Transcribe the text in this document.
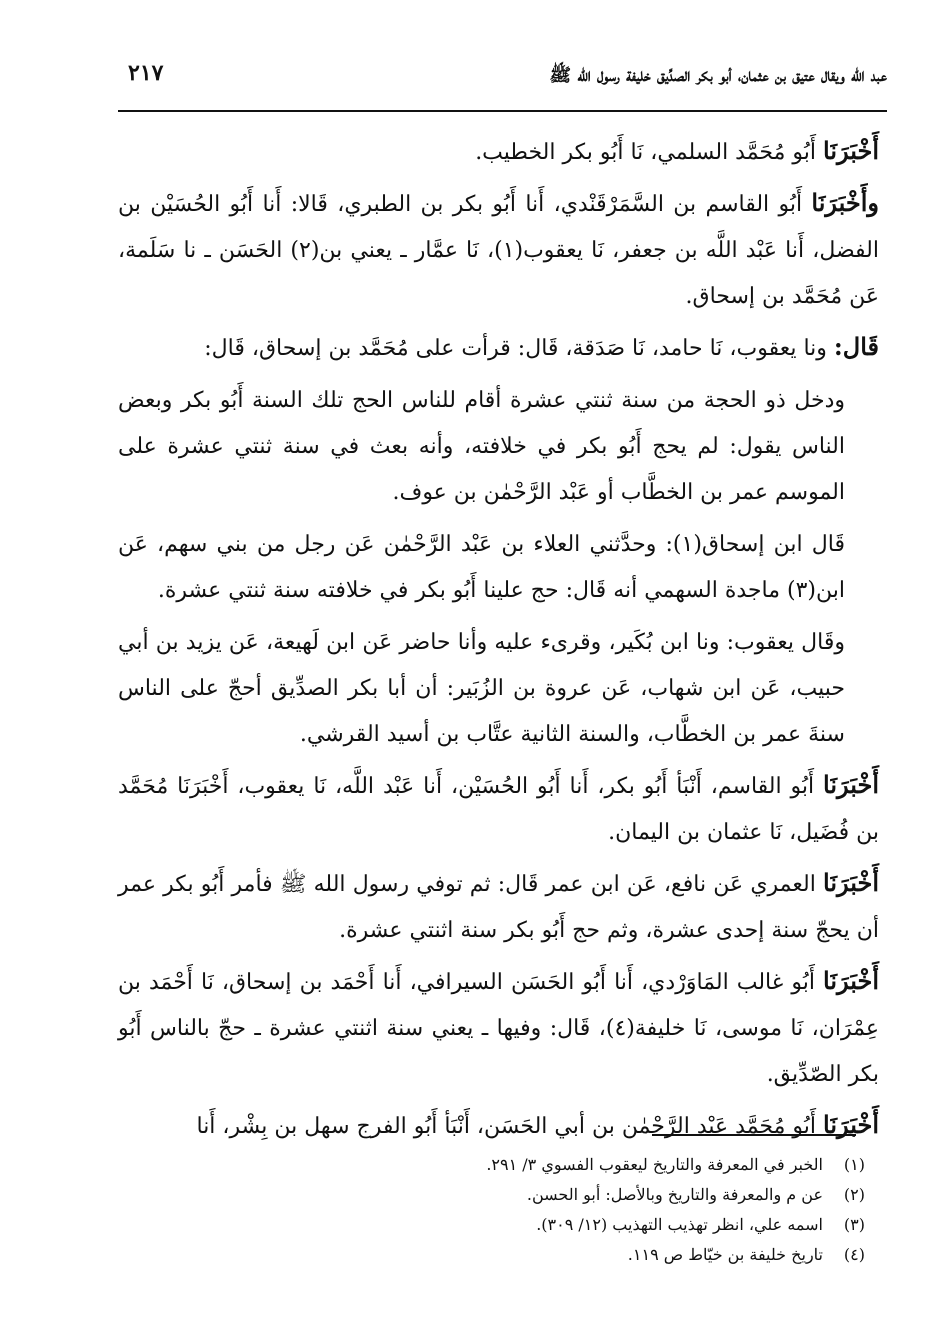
عبد الله ويقال عتيق بن عثمان، أبو بكر الصدِّيق خليفة رسول الله ﷺ
٢١٧

أَخْبَرَنَا أَبُو مُحَمَّد السلمي، نَا أَبُو بكر الخطيب.

وأَخْبَرَنَا أَبُو القاسم بن السَّمَرْقَنْدي، أَنا أَبُو بكر بن الطبري، قَالا: أَنا أَبُو الحُسَيْن بن الفضل، أَنا عَبْد اللَّه بن جعفر، نَا يعقوب(١)، نَا عمَّار ـ يعني بن(٢) الحَسَن ـ نا سَلَمة، عَن مُحَمَّد بن إسحاق.

قَال: ونا يعقوب، نَا حامد، نَا صَدَقة، قَال: قرأت على مُحَمَّد بن إسحاق، قَال:

ودخل ذو الحجة من سنة ثنتي عشرة أقام للناس الحج تلك السنة أَبُو بكر وبعض الناس يقول: لم يحج أَبُو بكر في خلافته، وأنه بعث في سنة ثنتي عشرة على الموسم عمر بن الخطَّاب أو عَبْد الرَّحْمٰن بن عوف.

قَال ابن إسحاق(١): وحدَّثني العلاء بن عَبْد الرَّحْمٰن عَن رجل من بني سهم، عَن ابن(٣) ماجدة السهمي أنه قَال: حج علينا أَبُو بكر في خلافته سنة ثنتي عشرة.

وقَال يعقوب: ونا ابن بُكَير، وقرىء عليه وأنا حاضر عَن ابن لَهيعة، عَن يزيد بن أبي حبيب، عَن ابن شهاب، عَن عروة بن الزُبَير: أن أبا بكر الصدِّيق أحجّ على الناس سنةَ عمر بن الخطَّاب، والسنة الثانية عتَّاب بن أسيد القرشي.

أَخْبَرَنَا أَبُو القاسم، أَنْبَأ أَبُو بكر، أَنا أَبُو الحُسَيْن، أَنا عَبْد اللَّه، نَا يعقوب، أَخْبَرَنَا مُحَمَّد بن فُضَيل، نَا عثمان بن اليمان.

أَخْبَرَنَا العمري عَن نافع، عَن ابن عمر قَال: ثم توفي رسول الله ﷺ فأمر أَبُو بكر عمر أن يحجّ سنة إحدى عشرة، وثم حج أَبُو بكر سنة اثنتي عشرة.

أَخْبَرَنَا أَبُو غالب المَاوَرْدي، أَنا أَبُو الحَسَن السيرافي، أَنا أَحْمَد بن إسحاق، نَا أَحْمَد بن عِمْرَان، نَا موسى، نَا خليفة(٤)، قَال: وفيها ـ يعني سنة اثنتي عشرة ـ حجّ بالناس أَبُو بكر الصّدِّيق.

أَخْبَرَنَا أَبُو مُحَمَّد عَبْد الرَّحْمٰن بن أبي الحَسَن، أَنْبَأ أَبُو الفرج سهل بن بِشْر، أَنا

(١)الخبر في المعرفة والتاريخ ليعقوب الفسوي ٣/ ٢٩١.
(٢)عن م والمعرفة والتاريخ وبالأصل: أبو الحسن.
(٣)اسمه علي، انظر تهذيب التهذيب (١٢/ ٣٠٩).
(٤)تاريخ خليفة بن خيّاط ص ١١٩.
